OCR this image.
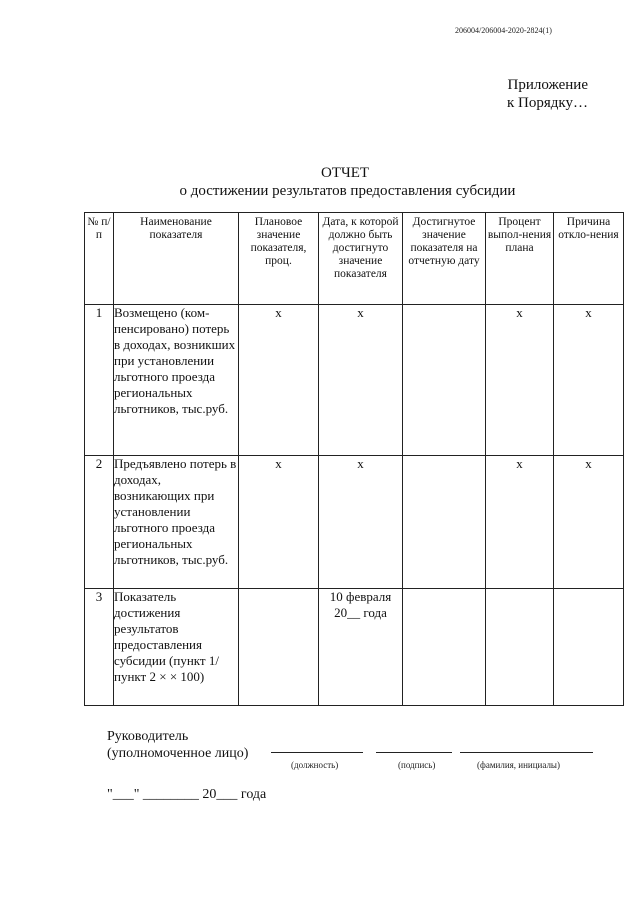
206004/206004-2020-2824(1)
Приложение
к Порядку…
ОТЧЕТ
о достижении результатов предоставления субсидии
№ п/п	Наименование показателя	Плановое значение показателя, проц.	Дата, к которой должно быть достигнуто значение показателя	Достигнутое значение показателя на отчетную дату	Процент выпол-нения плана	Причина откло-нения
1	Возмещено (ком-пенсировано) потерь в доходах, возникших при установлении льготного проезда региональных льготников, тыс.руб.	х	х		х	х
2	Предъявлено потерь в доходах, возникающих при установлении льготного проезда региональных льготников, тыс.руб.	х	х		х	х
3	Показатель достижения результатов предоставления субсидии (пункт 1/пункт 2 × × 100)		10 февраля 20__ года			
Руководитель
(уполномоченное лицо)
(должность)	(подпись)	(фамилия, инициалы)
"___" ________ 20___ года
